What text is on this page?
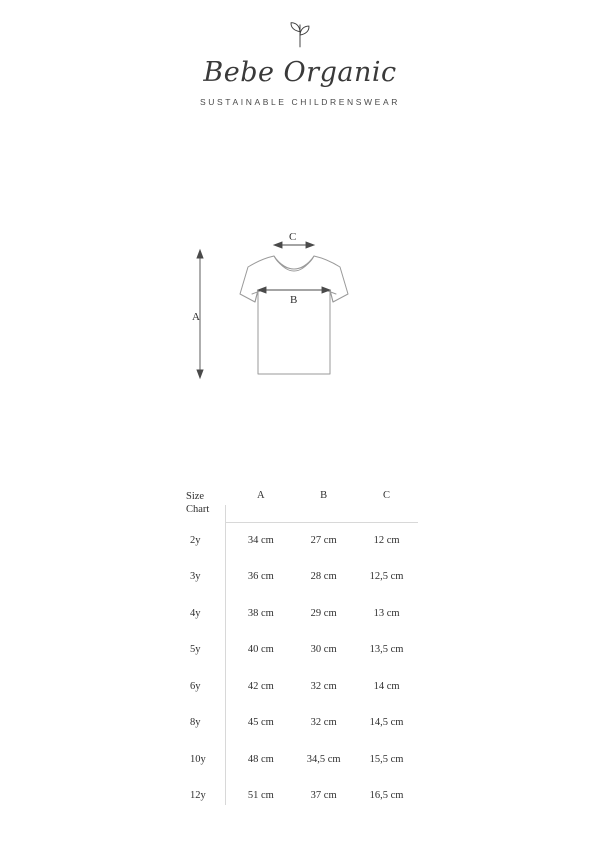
Bebe Organic
SUSTAINABLE CHILDRENSWEAR
A
B
C
Size
Chart	A	B	C
2y	34 cm	27 cm	12 cm
3y	36 cm	28 cm	12,5 cm
4y	38 cm	29 cm	13 cm
5y	40 cm	30 cm	13,5 cm
6y	42 cm	32 cm	14 cm
8y	45 cm	32 cm	14,5 cm
10y	48 cm	34,5 cm	15,5 cm
12y	51 cm	37 cm	16,5 cm
